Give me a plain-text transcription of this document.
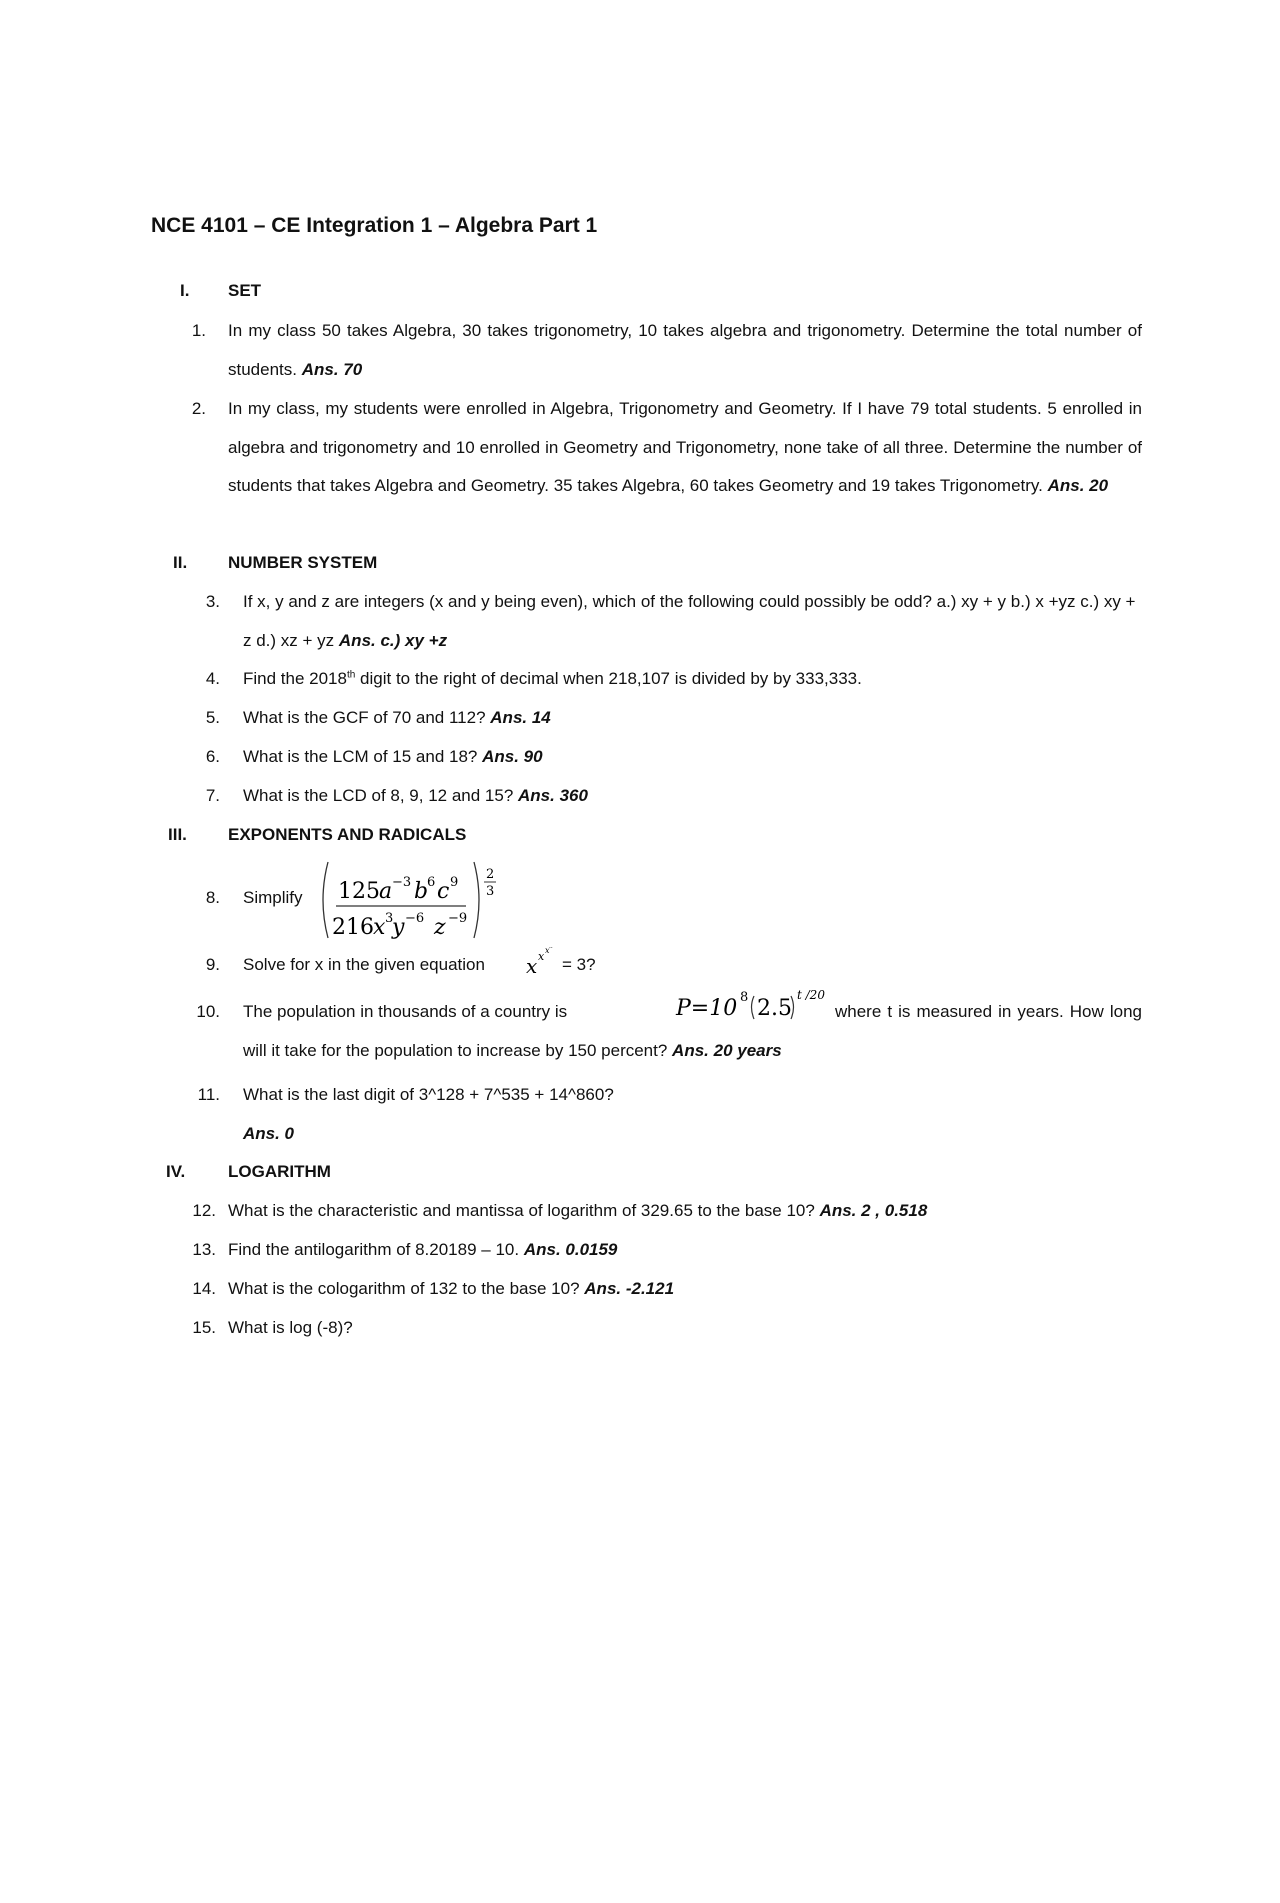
NCE 4101 – CE Integration 1 – Algebra Part 1
I. SET
1. In my class 50 takes Algebra, 30 takes trigonometry, 10 takes algebra and trigonometry. Determine the total number of students. Ans. 70
2. In my class, my students were enrolled in Algebra, Trigonometry and Geometry. If I have 79 total students. 5 enrolled in algebra and trigonometry and 10 enrolled in Geometry and Trigonometry, none take of all three. Determine the number of students that takes Algebra and Geometry. 35 takes Algebra, 60 takes Geometry and 19 takes Trigonometry. Ans. 20
II. NUMBER SYSTEM
3. If x, y and z are integers (x and y being even), which of the following could possibly be odd? a.) xy + y b.) x +yz c.) xy + z d.) xz + yz Ans. c.) xy +z
4. Find the 2018th digit to the right of decimal when 218,107 is divided by by 333,333.
5. What is the GCF of 70 and 112? Ans. 14
6. What is the LCM of 15 and 18? Ans. 90
7. What is the LCD of 8, 9, 12 and 15? Ans. 360
III. EXPONENTS AND RADICALS
8. Simplify 125 a −3 b
6 c 9
216 x 3
y −6 z −9
2
3
9. Solve for x in the given equation x x x ··
= 3?
10. The population in thousands of a country is	P=10 8 2.5
t /20
where t is measured in years. How long will it take for the population to increase by 150 percent? Ans. 20 years
11. What is the last digit of 3^128 + 7^535 + 14^860?
Ans. 0
IV.	LOGARITHM
12. What is the characteristic and mantissa of logarithm of 329.65 to the base 10? Ans. 2 , 0.518
13. Find the antilogarithm of 8.20189 – 10. Ans. 0.0159
14. What is the cologarithm of 132 to the base 10? Ans. -2.121
15. What is log (-8)?
